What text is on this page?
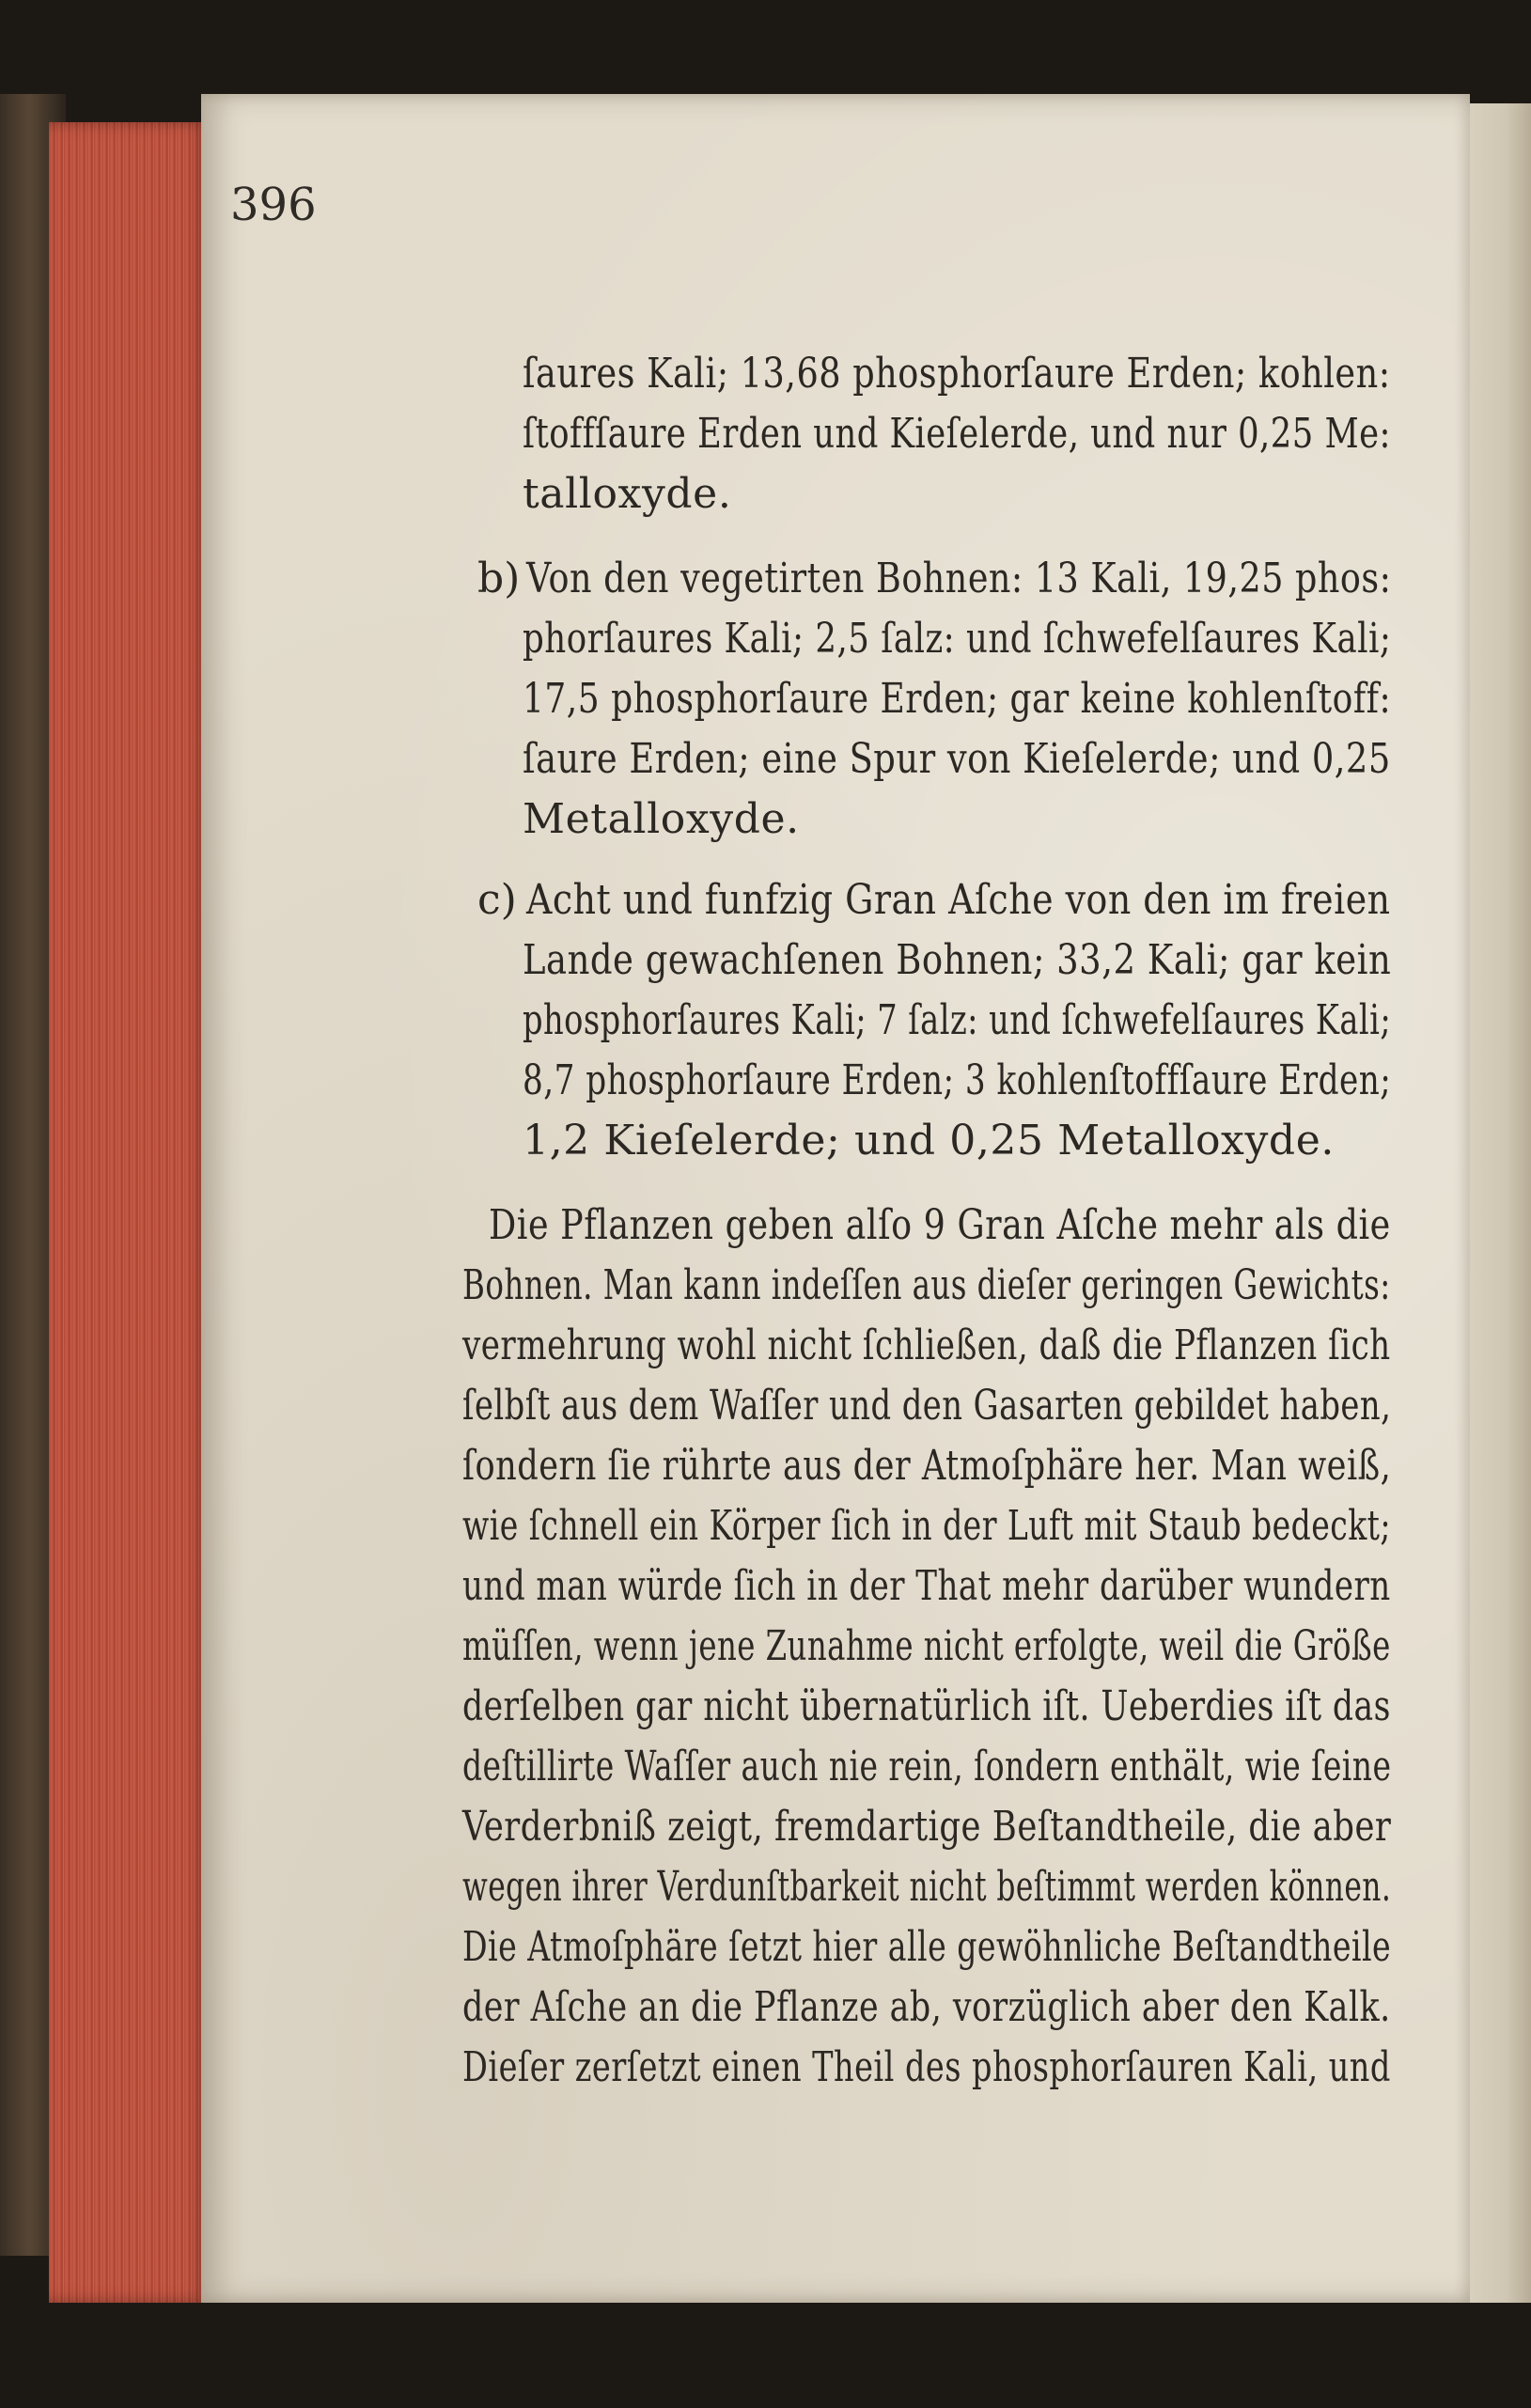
396
ſaures Kali; 13,68 phosphorſaure Erden; kohlen:
ſtoffſaure Erden und Kieſelerde, und nur 0,25 Me:
talloxyde.
b) Von den vegetirten Bohnen: 13 Kali, 19,25 phos:
phorſaures Kali; 2,5 ſalz: und ſchwefelſaures Kali;
17,5 phosphorſaure Erden; gar keine kohlenſtoff:
ſaure Erden; eine Spur von Kieſelerde; und 0,25
Metalloxyde.
c) Acht und funfzig Gran Aſche von den im freien
Lande gewachſenen Bohnen; 33,2 Kali; gar kein
phosphorſaures Kali; 7 ſalz: und ſchwefelſaures Kali;
8,7 phosphorſaure Erden; 3 kohlenſtoffſaure Erden;
1,2 Kieſelerde; und 0,25 Metalloxyde.
Die Pflanzen geben alſo 9 Gran Aſche mehr als die
Bohnen. Man kann indeſſen aus dieſer geringen Gewichts:
vermehrung wohl nicht ſchließen, daß die Pflanzen ſich
ſelbſt aus dem Waſſer und den Gasarten gebildet haben,
ſondern ſie rührte aus der Atmoſphäre her. Man weiß,
wie ſchnell ein Körper ſich in der Luft mit Staub bedeckt;
und man würde ſich in der That mehr darüber wundern
müſſen, wenn jene Zunahme nicht erfolgte, weil die Größe
derſelben gar nicht übernatürlich iſt. Ueberdies iſt das
deſtillirte Waſſer auch nie rein, ſondern enthält, wie ſeine
Verderbniß zeigt, fremdartige Beſtandtheile, die aber
wegen ihrer Verdunſtbarkeit nicht beſtimmt werden können.
Die Atmoſphäre ſetzt hier alle gewöhnliche Beſtandtheile
der Aſche an die Pflanze ab, vorzüglich aber den Kalk.
Dieſer zerſetzt einen Theil des phosphorſauren Kali, und
